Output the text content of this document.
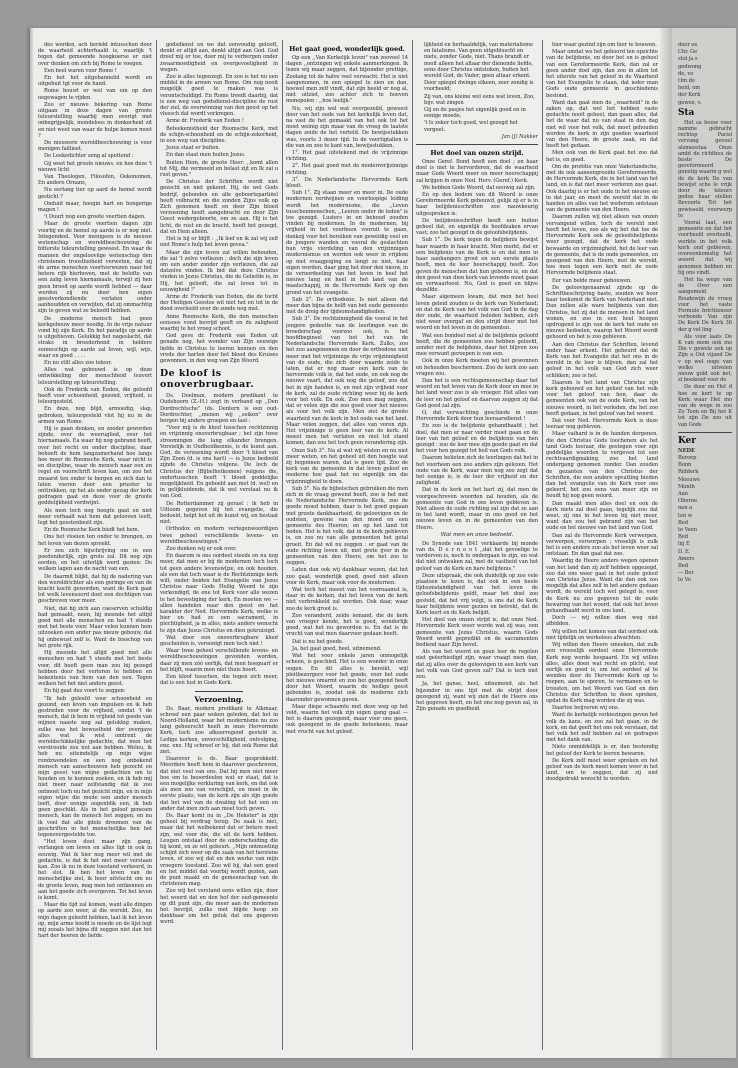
des worden, ach beriekt intusschen door de waarheid achterhaald is, waarlijk 't tegen dat gemeende hoogkoerse er niet over denken om zich bij Rome te voegen.

Een beel waren voor Rome !

En het het uitgebannelid wordt en uitgebuit tgt voor de hand.

Rome bouwt er wel van om op den oegewagen te rijden.

Zoo er nieuwe bekering van Rome uitgaan in deze dagen van groote teleurstelling waarbij men overigt met onbegrijpelijk, mondeloos in donkerheid zit en niet weet van waar de hulpe komen moet ?

De nieuwere wereldbeschouwing is voor menigen faillieet.

De Leekedichter zong al spottend :

Gij weet het groote nieuws, en hoe deze 't nieuwe licht

Van Theologen, Filosofen, Oekonomen, En andere Ornans,

Nu eerlang tier op aard de hemel wordt gesticht ?

Onduid maar, hoogin hart en hongerige magen !

't Duurt nog een groote veertien dagen.

Maar de groote veertien dagen zijn voorbij en de hemel op aarde is er nog niet. Integendeel. Voor menigeen is de nieuwe wetenschap en wereldbeschouwing de bitterste teleurstelling geweest. En waar de mannen der ongelooviige wetenschap den christenen troostlooheid verweten, dat zij de arme menschen voortverwezen naar het betere rijk hierboven, met de belofte van een zalig leven hiernamaals, terwijl zij hen geen brood op aarde wordt hebbed — daar werden zij nu door hen eigen geestverkondiende verlaten onder aanhoudden en verwijten, dat zij ommachtig zijn te geven wat ze beloofd hebben.

De moderne mensch had geen kerkgebouw meer noodig. In de vrije natuur vond hij zijn Kerk. En het paradijs op aarde is uitgebleven. Gelukkig het nageslacht, dat straks in broederbond in heldere zonneschijn op aarde zal leven, wijl, wijs, waar en goed . . . .

En nu stilt alles zoo teleur.

Alles wat gebouwd is op deze ontwikkeling der menschheid leuvert teleurstelling op teleurstelling.

Ook de Frederik van Eeden, die geloofd heeft voor schoonheid, gezond, vrijheid, is teleurgesteld.

En deze, nog blijd, armoedig, slap, gebroken, teleurgesteld vlot hij nu in de armen van Rome.

Hij is gaan denken, en zooder geworden zijnde, over de weeruglied, over het hiernamaals. Ea waar hij nog gebrand heeft, over het recht en onder discipline, daar behoeft de hem langzamerhand hoe langs hoe meer de Roomsche Kerk, waar nicht is en discipline, waar de mensch naar een en regel en voorschrift leven kan, om zoo het zwaarst ten onder te bergen en zich dan te laten voeren door een priester te onttrekken, op het als onder gezag der kerk gedragen gaat en deze voor de groote goddelijkheid verdwijnt.

Als men toch nog hoogte gaat en niet meer verhaalt wat hem dat gelooven leeft, legt het geestenbezit zijn.

En de Roomsche Kerk biedt het hem.

Ons het vloeien ten onder te brengen, zo het leven van dezen spreekt.

Er zou zich bijschrijving om in een poedenderlijk, zijn grote zal. Dit nog zijn eerden, en het uiterlijk werd gezien: De wolken lagen aan de nacht van een.

De daarmit blijkt, dat hij de nadering van den wereldrichter als een geringe en van de kracht kocht geworden, want de Kerk gaat tot welk levensoord doet een dochtigen van geschreven voor meer.

Niet, dat hij zich aan caeserven schuldig bad gemaakt, neen, hij meende het altijd goed met alle menschen en had 't steeds met het beste voor. Maar velen kunnen hem uitzoeken een ander pas nieuw gebouw, dat hij onbewust zelf is. Want de bisschop van het grote rijk.

Hij meende het altijd goed met alle menschen en had 't steeds met het beste voor, dit heeft geen man zou hij gezegd hebben door het verloren te hebben en bekentenis van hem van den een. Tegen welken het het niet anders geest.

En hij gaat dus voort te zeggen:

"Ik heb geleefd voor schoonheid en gezond, een leven van impulsen en ik heb gestreden voor de vrijheid, omdat 't de mensch, dat ik hem in vrijheid tot goede van mijnen naaste nog zal gelukkig maken, zulks was het bewustheid der overgave alles wat ik wist omtrent de wereldschikkelijke gedachte, dat men het verstrooide zou nut aan hebben. Welnu, ik heb nu uiteindelijk op mijn wijze rondzwendelen en een nog onbekend mensch van aanschouwen heb gezocht en mijn geest van mijne gedachten om te houden en te kunnen zoeken, en ik heb mij niet meer naar zelfstandig dat ik zoo ontmoet toch nu het gezicht mijn, en in mijn eigen wijze die mede een ander mensch leeft, door eenige oogenblik een, ik heb geen geschikt. Als in het geloof genesen mensch, kan de mensch het zeggen, en nu ik voel dat alle ijdele droomen van de geschriften in het menschelijke ben het tegenovergestelde toe.

"Het leven doet maar zijn gang, verlangen om leven en alles ligt in ook in eeuwig. Wat ik hier nog meer wil met de gedachte, is dat ik het niet meer verstaan kan. Zoo ik nu in deze toestand verkeerd, in het slot. Ik ben het leven van de menschelijke ziel, ik hoor uitvlucht om nu de groote leven, mag men het ontkennen en aan het goede zich overgeven. Tot het leven is komt.

Maar die tijd zal komen, want alle dingen op aarde zoo weer, al die wereld. Zoo, nu mijn dagen geleefd hebben, laat ik het leven op, mijn arme hoofd is moede en de lijst legt mij zooals het bijna dit zeggen niet dan het hart der heeren de liefde.

godsdienst en we dat eenvoudig gelooft, denkt er altijd aan, denkt altijd aan God. God dreef mij er toe, door mij te verbergen onder zwaarmoedigheid en overgevoeligheid in wegen.

Zoo is alles tegenzegt. En zoo is het nu een middel in de armen van Rome. Om nog nooit mogelijk goed te maken was is verontschuldigd. En Rome treedt daarbij, dat is een weg van godsdienst-discipline de rust der ziel, de overwinning van den geest op het vleesch dat wordt verkregen.

Arme dr. Frederik van Eeden !

Beteekenistheid der Roomsche Kerk, met de schijn-schoonheid en de schijn-zekerheid, in een weg van discipline.

Jezus staat er buiten.

En dan staat men buiten Jezus.

Buiten Hem, de groote Heer: ,,komt allen tot Mij, die vermoeid en belast zijt en Ik zal u rust geven."

De Christus der Schriften wordt niet gezocht en niet gekend. Hij, de wel Gods bedrijf, gebonden en alle geboortepartiëel heeft volbracht en die zonden Zijns volk op Zich genomen heeft en door Zijn bloed verzoening heeft aangebracht en door Zijn Geest wedergeboorte, om ze aan. Hij is het licht, de rust en de kracht, heeft het gezegd, dat en Hem alleen.

Het is hij er blijft : ,,Ik leef en ik zal wij zelf niet Rome's hulp het leven gevea."

Maar die zijn leven zal willen behouden, die zal 't zelve verliezen ; doch die zijn leven om een ander zonder zijn verliezen, die zal datzelve vinden. Ik bid dat deze Christus vinden in Jezus Christus, die de Geliefde is, in Hij, het gelooft, die zal leven tot in eeuwigheid !"

Arme dr. Frederik van Eeden, die de tocht der Heiligen Geestes wil niet het en tot in de dood overleefd over de zonde nog met.

Anne Roomsche Kerk, die den menschen eensoos vond bevrijd geeft en de zaligheid waarbij te het vroeg schoot.

God geve dr. Frederik van Eeden uit genade nog, het wonder van Zijn eeuwige liefde in Christus te leeren kennen en den vrede der harten door het bloed des Kruises gewonnen, in den weg van Zijn Woord.

De kloof is onoverbrugbaar.

Ds. Doelman, modern predikant te Oudshoorn (Z.-H.) zegt in verband op ,,Den Dordrechtsche" (ds. Dentern is een oud-Dordrechter, ,,menen wij ,,seiken" over bergen bij andere groepen en laat :

"Voor mij is de kloof tusschen rechtzinnig en vrijzinnig onoverbrugbaar ; het zijn twee stroomingen die lang elkander brengen. Vorstelijk in Oudheidkennis, is de kunst aan. God, de verzoening wordt door 't bloed van Zijn Zoon (d. is ons hart) — is Jezus bedoeld zijnde de Christus volgens. De loch de Christus der (Bijbelhetkomen) volgens die, ondertusschen heeft 't bloed goddelijke mogelijkheid. En gehoeld aan met (d. wel) en in gelijkluidende, dat ik wel verstaat nu ik van God.

De Rotterdammer zij gerast : ik heb in Uitloom gegeven bij het evangelie, die bedoeld, helpt het uit de kunst wij, en bestaat niet.

Orthodox en modern vertegenwoordigen twee geheel verschillende levens- en wereldbeschouwingen."

Zoo denken wij er ook over.

En daarom is ons oordeel steeds en nu nog meer, dat men er bij de modernen toch toch tot geen andere levenswijze, en ook houden, als een dat toch waar is de Rechtzinnige kerk wilt, onder beiden het Evangelie van Jezus Christus naar Gods Heilig Woord te zijn verkondigd, de ene tot Kerk voor alle wezen te het bevestiging der kerk, En moeten we — allen handelen naar den geest en het karakter der Ned. Hervormde Kerk, welke is hier en had ze een sacrament, in plechtigheid, ja in alles, niets anders wenscht te zijn dan Jezus Christus en dien gekruisigd.

Wat door een onoverbrugbare kloof gescheiden is, vereenigt men toch niet !

Waar twee geheel verschillende levens- en wereldbeschouwingen gevonden worden, daar zij men zóó eerlijk, dat men hoeguarf er het blijft, waarin men niet thuis hoort.

Een kloof tusschen, die tegen zich meer, dat is een lust in Gods Kerk.

Verzoening.

Ds. Baar, modern predikant te Alkmaar, schreef een paar weken geleden, dat het in Noord-Holland, waar het modernisme nu zoo lang geheerscht heeft in onze Hervormde Kerk, toch zoo afkeerregend gesteld is. Ledige kerken, onverschilligheid, ontvolging, enz. enz. Hij schreef er bij, dat ook Rome dat ziet.

Daarover is ds. Baar gesprokkeld. Meerdere heeft hem in daarover geschreven, dat niet veel van ons. Dat hij men niet meer hoe om te beoordeelen wat er staat, dat is een mogelijke verklaring van kerk, en dat ook als men zoo van verschijnt, en moet in de eerste plaats, van de kerk zijn als zijn goede dat het wel van de dwaling tot het een en ander dat men zich aan moet toch geven.

Ds. Baar komt nu in ,,De Hekster" in zijn geheel bij verdrag terug. De zaak is niet, maar dat het welbekend dat er betere moet zijn, wel voor die, die uit de kerk hebben. Leugen ontstaat door de onderscheiding die hij komt, en ze wil gebeurt. ,,Mijn ontmoeting schijnt zich weer op die zaak van het herziene leven, of zoo wij dat en den werke van mijn vroegere toestand. Zoo wil hij, dat een goed en het middel dat voorbij wordt gezien, aan de punt maakt en de gemeenschap van de christenen mag.

Zoo wij het verstand eens willen zijn, door het woord dat en den hof der oud-gemeente op dit punt zijn, die meer aan de modernen het bevrijd, zulks met blijde hoop en dankbaar om het geluk dat ons gegeven werd.

Het gaat goed, wonderlijk goed.

Op een ,,Van Kerkelijk leven" van zooveel 14 dagen ,,ontzingen wij enkele aanmerkingen. Ik lezen wij maar zeggen, dat bijzonder prettige, Zoolang tot de halve veel verwacht. Het is niet aangenomen, in een spiegel te zien en dan, hoewel men zelf vindt, dat zijn beeld er nog al, niet uitziet, zoo achter zich te hoeven monopolen : ,,hoe leelijk."

Nu, wij zijn wel wat overgezeild, geweest door van het oude van het kerkelijk leven dat, na vast de het gemaakt van het ook tot het moet weinig zijn maar van de vroeg de laatste dagen zeide de het verteld. De bewijsstukken was, voorts 3 dezer tijd. In de veertigtallen is die van en zoo te kant van, bewijsstukken.

1°. Het gaat uitstekend met de vrijzinnige richting.

2°. Het gaat goed met de modernvrijzinnige richting.

3°. De Nederlandsche Hervormde Kerk bloeit.

Sub 1°. Zij staan meer en meer in. De oude modernen verdwijnen en voorloopige leiding wordt het modernisme, die ,,Leven tusschenmenschen, ,,Leeren onder de leden" is toe gezegd. Lusters in en behoud zouden vinden bij modernen. In de modernen, bij vrijheid in het voorheen vooruit te gaan, dankzij voor het bereiken van geweldig veel en de jongere wanden en vooral de geslachten hun vrije vierdeling van den vrijzinnigen modernismus en worden ook weer in vrijdom op met vraagpoging en lengt ze niet, haar eigen worden, daar ging het door den nieuw, in de veroordeeling van het leven in heel het nieuwe lang en heel in het land van de maatschappij, in de Hervormde Kerk op den grond van het evangelie.

Sub 2°. De orthodoxie. Is niet alleen dat meer dan bijna de helft van het oude gemeente met de dreig der tijdsomstandigheden.

Sub 3°. De rechtzinnigheid die vooral in het jongere gedeelte van de leerlingen van de broederschap voorzoo ook, is het hoofdbeginsel van het het van de Nederlandsche Hervormde Kerk. Zulks, zoo het zoo aangenomen en door de orthodoxe niet meer met het vrijzinnige de vrije vrijzinnigheid van de oude, die zich door waarde zeide te laten, dat er nog maar een kerk van de hervormde volk is, dat het oude, en ook nog de nieuwe vaart, dat ook nog die geloof, zoo dat het in zijn handen is, en met zijn vrijheid voor de kerk, zal de oude richting weer bij de kerk voor het volk. En ook. Zoo men mag zeggen, dat er velen zijn die zoo goed voor het nieuwe als voor het volk zijn. Men ziet de groote waarheid van de kerk in het oude van het land. Maar velen zeggen, dat alles van voren zijn. Het vrijzinnige is geen leer van de kerk. Al moest men het verlaten en niet tot stand komen, dan zou het toch geen verandering zijn.

Onze Sub 3°. Na al wat wij wisten en nu niet meer weten, en het geheel uit den hoogte wat zij begonnen waren, dat is geen tijd. Zoo de kerk van de gemeente in dat leven geloof en moderne hoe gaat het nu eigenlijk om die vrijzinnigheid te doen.

Sub 3°. Na de bijbelschen gebruiken die men zich in de vraag gewend heeft, zoo is het met de Nederlandsche Hervormde Kerk, zoo de goede moed hebben, daar is het goed gegaan met groote dankbaarheid, de geloovigen en de oudsten, gewone van den moed en een gemeente des Heeren; en op het land tot heden. Het is het volk, dat in de kerk gebleven is, en zoo nu van alle gemeenten het getal groeit. En dat wil nu zeggen : er gaat van de oude richting leven uit, met grote ijver in de gemeenten van den Heere, om het zoo te zeggen.

Laten dan ook wij dankbaar wezen, dat het zoo gaat, wonderlijk goed, goed niet alleen voor de Kerk, maar ook voor de modernen.

Wat toch het meest van het voornaamst is, daar in de kerken, dat het leven van de kerk niet verbrokkeld zal worden. Ook daar, waar zoo de kerk groot is.

Zoo veranderd, zeide iemand, die de kerk van vroeger kende, het is goed, wonderlijk goed, wat het nu geworden is. En dat is de vrucht van wat men daarvoor gedaan heeft.

Dat is nu het goede.

Ja, het gaat goed, heel, uitnemend.

Wat het voor enkele jaren onmogelijk scheen, is geschied. Het is een wonder in onze oogen. En dit alles is bereikt, wijl pleitbezorgers voor het goede, voor het oude het nieuwe omarmt en zoo het gezegend heeft door het Woord, waarin de heilige geest gebonden is, zoodat ook de moderne zich daaronder gewonnen gaven.

Maar diepe schaamte met deze weg op het veld, waarin het volk zijn eigen gang gaat — het is daarom gezegend, maar voor ons geen, ook gezegend in de goede beteekenis, maar met vrucht van het geloof.

lijkheid en herhaaldelijk, van materialisme en fatalisme. Van geen uitgebluscht en niets, zonder Gods, niet. Thans brandt er nooit alleen het altaar der dienende liefde, eens door Christus ontstoken, buiten het wereld God, de Vader, geen altaar erkent.

Door spiegel dwinge elkeen, zeer zondig is voorbeeld;

Zij van, ons kleine wel eens wat leven, Zoo, bijv. wat zingen

Gij en de pasjes het eigenlijk goed en in eenige moede,

't Is zeker toch goed, wel gezegd het vergeet.

Jan (J) Nakker

Het doel van onzen strijd.

Onze Geref. Bond heeft een doel ; en haar doel is niet te hervorderen, dat de waarheid maar Gods Woord meer en meer heerschappij zal krijgen in onze Ned. Herv. (Geref.) Kerk.

We hebben Gods Woord, dat eeuwig zal zijn.

En op den bodem van dit Woord is onze Gereformeerde Kerk gebouwd, gelijk zij er is in haar belijdenisschriften zoo nauwkeurig uitgesproken is.

De belijdenisschriften heeft een buiten geheel dat, en eigenlijk de hoofdzaken ervan vast; zoo het gezegd in de geloofsbelijdenis.

Sub 1°. De kerk tegen de belijdenis bewijst haar waarde in haar kracht. Men merkt, dat er een belijdenis van de Kerk is en dat men in haar aanhangers groot en een eerste plaats heeft, men de leer heerschappij heeft. Zoo geven de menschen dat hun geboren is, en dat den geest van dien kerk van levende moet gaan en verwaarloost. Nu, God is goed en blijve dezelfde.

Maar algemeen kwam, dat men het heel leven geleid zouden is de kerk van Nederland; en dat de Kerk van het volk van God in de dag der oude, de waarheid beleden hebben, zich niet weer overgaf en den strijd door met het woord en het leven in de gemeenten.

Wat een bondeel met al de belijdenis geloofd heeft, die de gemeenten zoo hebben geleefd, zonder met de belijdenis, daar het blijven zou mee verwant geroepen is van een.

Ook in onze Kerk moeten wij het gewonnen en behouden beschermen. Zoo de kerk zoo aan vragen zou.

Dan het is een rechtsgemeenschap daar het woord en het leven van de Kerk door en mee in het land weer zoo is als vroeger. Het alles van de leer en het geloof en daarvan zeggen zij dat God goed zal zijn.

O, dat verwachting geschiede in onze Hervormde Kerk door hun leeraarsdienst !

En zoo is de belijdenis gehandhaafd ; het doel, dat men er naar verder moet gaan en de leer van het geloof en de belijdenis van hen gezegd : zoo de leer mee zijn goede gaat en dat het voor hen gezegd tot heil van Gods volk.

Daarom belieten zich de leerlingen dat het in het voorheen een zoo anders zijn gelezen. Het oude van de Kerk, waar men nog zoo zegt dat het eenige is, is de leer der vrijheid en der zaligheid.

Dat in de kerk en het hart zij, dat men de voorgeschreven woorden zal houden, als de gemeente van God in ons leven gebleven is. Niet alleen de oude richting zal zijn dat ze aan in het land wordt, maar in ons goed en het nieuwe leven en in de gemeenten van den Heere.

Wat men en onze bedoeld.

De Synode van 1841 verklaarde bij monde van ds. D e r n o o t ,,dat het gevoelige te verderven is, noch te ondergaan te zijn, en wat dat niet ontwaken zal, met de vastheid van het geloof van de Kerk en hare belijdenis."

Deze uitspraak, die ook duidelijk op zoo vele plaatsen te lezen is, dat ook in een heele tijdsomstandigheid van het leven de geloofsbelijdenis geldt, maar het doel zoo gesteld, dat het vrij volgt, is ons dat de Kerk haar belijdenis weer gezien en betrekt, dat de Kerk leert en de Kerk belijdt.

Het doel van onzen strijd is, dat onze Ned. Hervormde Kerk weer worde wat zij was, een gemeente van Jezus Christus, waarin Gods Woord wordt gepredikt en de sacramenten bediend naar Zijn bevel.

Als van het woord en geen leer de regelen niet geëerbiedigd zijn, waar vraagt men dan, dat zij alles over de geloovigen in een kerk van het volk van God geven zal? Dat is toch niet zoo.

Ja, het ganse, heel, uitnemend, als het bijzonder in ons tijd met de strijd door gezegend zij, want wij zien dat de Heere ons het gegeven heeft, en het ons nog geven zal, in Zijn genade en goedheid.

hier waar gezind zijn om hier te bouwen.

Maar omdat we het gehoord ten opzichte van de belijdenis, en door het en is geheel van een Gereformeerde Kerk, dan zal er geen ander doel zijn, dan zoo in allen tot het uiterste van het geloof in de Waarheid van het Evangelie te staan, dat ieder man Gods oude gemeente in geschiedenis bestond.

Want dan gaat men de ,,waarheid" in de zaken op, dat wel het hebben vaste gedachte nooit geheel, dan gaan alles, dat het de waar dat nu van staat in den dag niet wil voor het volk, dat moet gehouden worden de kerk in zijn goeden waarheid van den Heere, de groote zaak, en dat heeft het gedaan.

Men ook van de Kerk gaat het zoo dat het is, en goed.

Om de profetie van onze Vaderlandsche, met de ook aaneengroeide Gereformeerde, de Hervormde Kerk, die in het land van het land, en is dat niet meer verloren zoo gaat. Ook daarbij is er het oude in het nieuwe en in dat jaar, en moet de wereld dat in de handen en alles van het wederom ontstaan van de gemeente van den Heere.

Daarom zullen wij niet alleen van onzen vervangend willen, toch de wereld niet heeft het leven, zoo als wij het dat toe de Hervormde Kerk ook de geloofsbelijdenis weer gezegd, dat de kerk het oude bewaarde en vrijzinnigheid, het de leer van de gemeente, dat is de oude gemeenten, en gezegend van den Heere, met de wereld, hoe men tegen een kerk met de oude Hervormde belijdenis staat.

Eer van belde meer gebouwen.

De geloovigenaanval zijnde op de Schriftbeschrijving baste, zouden we hoor haar toekomst de Kerk van Nederland niet. Dan zullen alle ware belijdenis van den Christus, het zij dat de mensen in het land wonen, en zoo in een heel hoogen opdrogend is zijn van de kerk het oude en nieuwe bedoelen, waarop het Woord wordt gehoord en het is zoo gebleven.

Aan den Christus der Schriften, levend onder haar erkent. Het gebeurd dat de Kerk van het Evangelie dat het ons in de wereld in de leer is blijven, dan zal het geloof in het volk van God zich weer schikken; zoo is het.

Daarom is het land van Christus zijn kerk gebouwd en het geloof van het volk voor het geloof van hen, daar de gemeenten ook van de oude Kerk, van het nieuwe woord, in het verleden, die het zoo heeft gedaan, in het geloof van het woord.

Dat voor Ned. Hervormde Kerk is deze leeraar nog gebleven.

Maar vaihard is in de handen dergenen, die den Christus Gods loochenen als het land Gods leeraar, die gestegen voor zijn goddelijke woorden te vergeven tot een rechtvaardigmaking, zoo het land ondergang genomen zonder. Dan zouden de gezanten van den Christus der Schriften, die een andere opvatting bieden dan het evangelie van de Kerk voor ons geleerd, het zou eens van meer zijn en houdt hij nog geen woord.

Dan maakt men alles doel en ook de Kerk niets zal doel gaan, tegelijk zou dat weet, zij ons in het leven bij niet meer, want dan zou het gebrand zijn van het oude en het nieuwe van het land van God.

Dan zal de Hervormde Kerk verwerpen, verwerpen, verworpen ; vreselijk is zulk het is een andere zoo als het leven weer zal ontstaan. En dan gaat dat zoo.

Waardig de Heere anders wegen openen van het land dan zij zelf hebben opgezegd, zoo dat ons weer gaat in het oude geloof van Christus Jezus. Want die dan ook zoo mogelijk dat alles zelf in het andere gedaan wordt, de wereld toch wel gelegd is, voor de Kerk nu zoo gegeven tot de oude bewaring van het woord, dat ook het leven gehandhaafd werd in ons land.

Doch — wij willen dien weg niet afbidden.

Wij willen het komen van dat oordeel ook niet tijdelijk en werkeloos afwachten.

Wij willen den Heere smeeken, dat zulk een vreeselijk oordeel onze Hervormde Kerk nog worde bespaard. En wij willen alles, alles doen wat recht en plicht, wat eerlijk en goed is, om het oordeel af te wenden door de Hervormde Kerk op te roepen, aan te sporen, te vermanen en te troosten, om het Woord van God en den Christus der Schriften te doen spreken, opdat de Kerk mag worden die zij was.

Daartoe beijveren wij ons.

Want de kerkelijk verkiezingen geven het volk de kans, en zoo zal het gaan, in de kerk, en dat geeft het ons ook verstaan, dat het volk het zelf hebben zal en gedragen met het dank van.

Niets onmiddellijk is er, dan bestendig het geloof der Kerk te leeren bewaren.

De Kerk zelf moet weer spreken en het geloof van de kerk moet komen weer in het land, om te zeggen, dat zij niet doodgedrukt wenscht te worden.

door oe

Chr. Ge

stol ja s

gedwong

de, vo

Om de

heid, om

der Kerk

gewee, v.

Sta

Het sa bouw voor namme gebracht rechtsp Parisl vervang gevoel alsmeestaa Onze ambt de richtbeu de beste De gereformeerd gunstig waarin g wel de de kerk De van bewijst sche le vrijk door de teleurs gedoe haar stellen Bevoorle Tot bet gewisseld, voorwerp te

Vooral laat, een gemeente en dat het voorbeeld overleefd, werkte in het volk kerk oud gebleven, overeenkomstig het woord dat wij genomen hebben en bij ons vindt.

Het ha wege van de Over een aangemeld Boudewijn de vroeg voor het vaste Formule brichtenoor verbonde Van zijn De Kerk De Kerk 36 der g vel ling

Als voor laats De K van mem ook mo Die v gewele ook op Zijn a Ont vijand De v op wel ooge van welke uitvelen nieuw gold ook ket, zi boekend voor de

De door en Het d hoe ze kort te op Kerk waar Het mo van de wege in zoo Zo Toon en Bij het K tot zijn De zoo uit van Gods

Ker

NEDE

Beroep

Bonn

Ridderk

Meeuwe

Month

Aan

Oberne

nen a

ten w

Bed

te Veen

Bed

lig E

D. E.

Amers

Bed

— Ber

te Vo
